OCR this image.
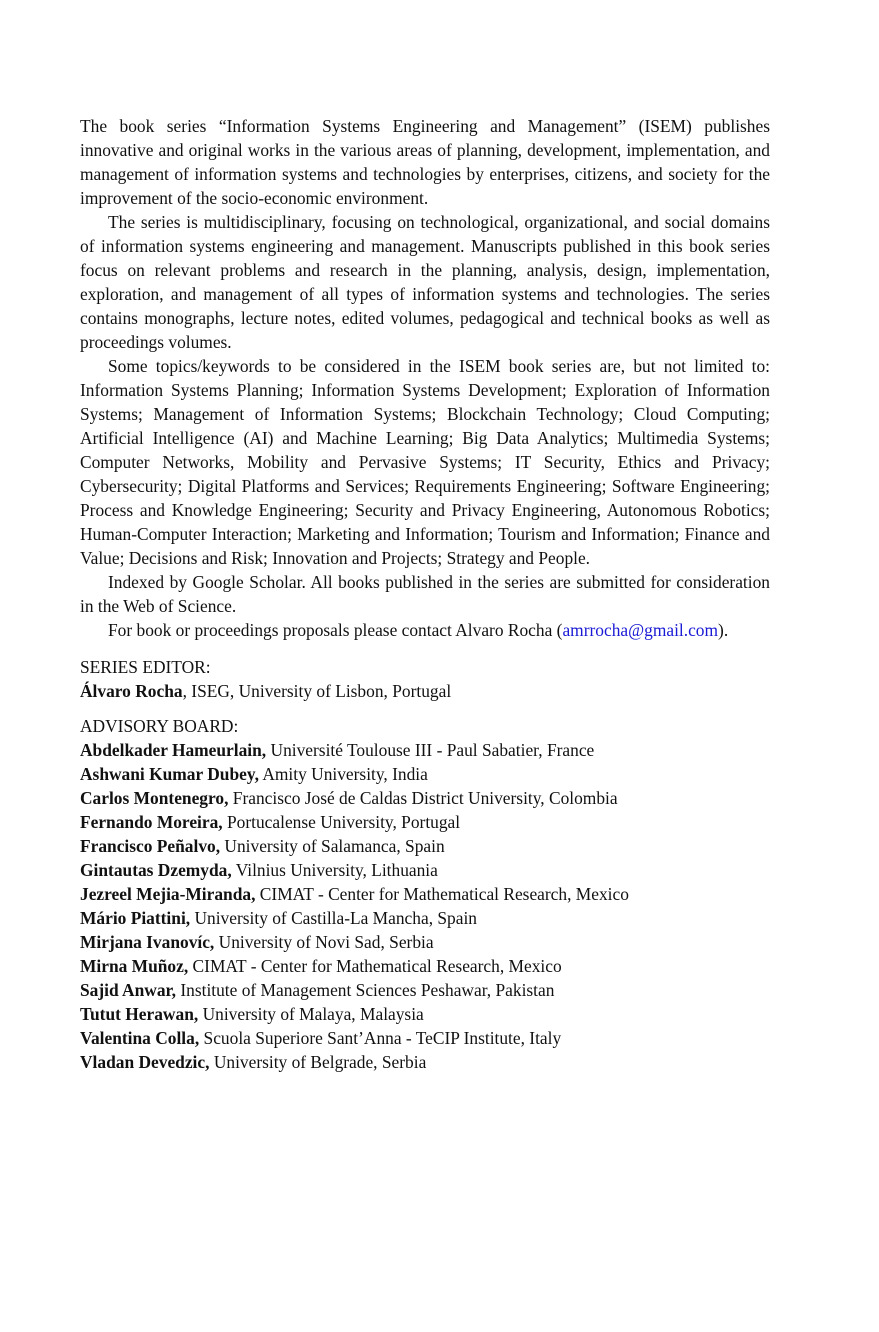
The book series “Information Systems Engineering and Management” (ISEM) publishes innovative and original works in the various areas of planning, development, implementation, and management of information systems and technologies by enterprises, citizens, and society for the improvement of the socio-economic environment.

The series is multidisciplinary, focusing on technological, organizational, and social domains of information systems engineering and management. Manuscripts published in this book series focus on relevant problems and research in the planning, analysis, design, implementation, exploration, and management of all types of information systems and technologies. The series contains monographs, lecture notes, edited volumes, pedagogical and technical books as well as proceedings volumes.

Some topics/keywords to be considered in the ISEM book series are, but not limited to: Information Systems Planning; Information Systems Development; Exploration of Information Systems; Management of Information Systems; Blockchain Technology; Cloud Computing; Artificial Intelligence (AI) and Machine Learning; Big Data Analytics; Multimedia Systems; Computer Networks, Mobility and Pervasive Systems; IT Security, Ethics and Privacy; Cybersecurity; Digital Platforms and Services; Requirements Engineering; Software Engineering; Process and Knowledge Engineering; Security and Privacy Engineering, Autonomous Robotics; Human-Computer Interaction; Marketing and Information; Tourism and Information; Finance and Value; Decisions and Risk; Innovation and Projects; Strategy and People.

Indexed by Google Scholar. All books published in the series are submitted for consideration in the Web of Science.

For book or proceedings proposals please contact Alvaro Rocha (amrrocha@gmail.​com).

SERIES EDITOR:

Álvaro Rocha, ISEG, University of Lisbon, Portugal

ADVISORY BOARD:

Abdelkader Hameurlain, Université Toulouse III - Paul Sabatier, France

Ashwani Kumar Dubey, Amity University, India

Carlos Montenegro, Francisco José de Caldas District University, Colombia

Fernando Moreira, Portucalense University, Portugal

Francisco Peñalvo, University of Salamanca, Spain

Gintautas Dzemyda, Vilnius University, Lithuania

Jezreel Mejia-Miranda, CIMAT - Center for Mathematical Research, Mexico

Mário Piattini, University of Castilla-La Mancha, Spain

Mirjana Ivanovíc, University of Novi Sad, Serbia

Mirna Muñoz, CIMAT - Center for Mathematical Research, Mexico

Sajid Anwar, Institute of Management Sciences Peshawar, Pakistan

Tutut Herawan, University of Malaya, Malaysia

Valentina Colla, Scuola Superiore Sant’Anna - TeCIP Institute, Italy

Vladan Devedzic, University of Belgrade, Serbia
